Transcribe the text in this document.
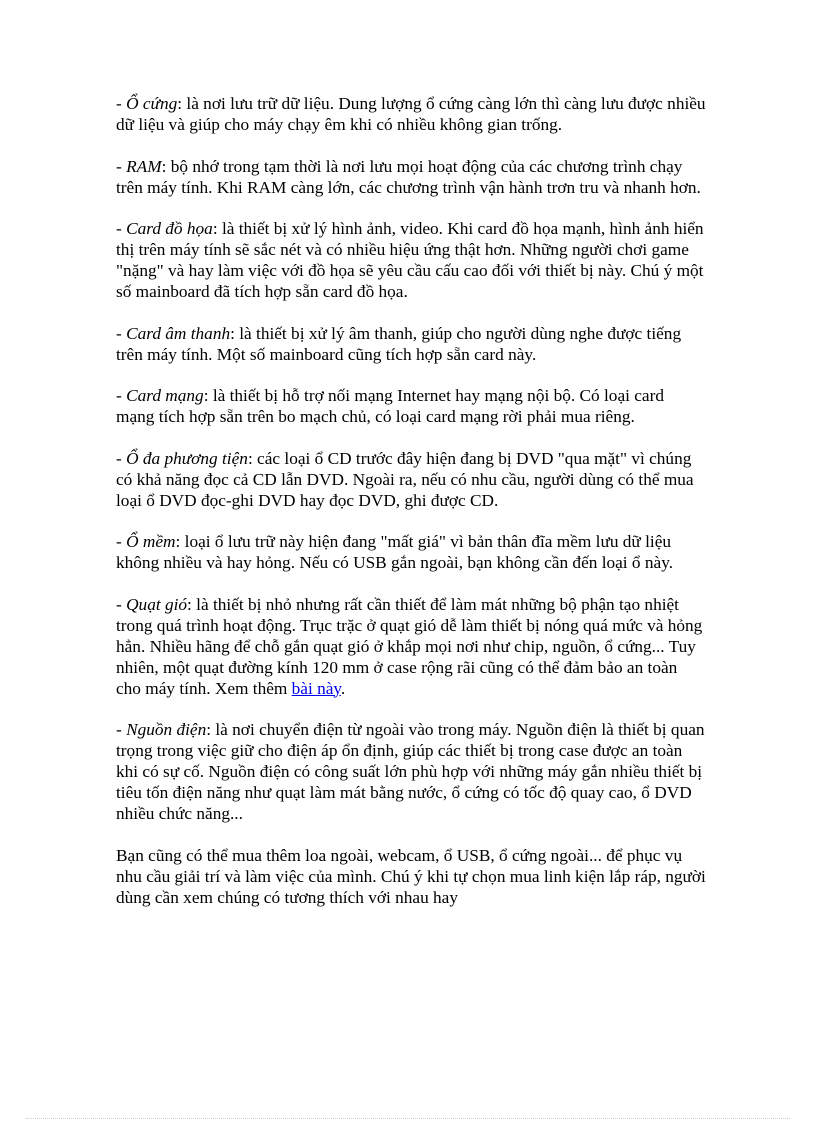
- Ổ cứng: là nơi lưu trữ dữ liệu. Dung lượng ổ cứng càng lớn thì càng lưu được nhiều dữ liệu và giúp cho máy chạy êm khi có nhiều không gian trống.

- RAM: bộ nhớ trong tạm thời là nơi lưu mọi hoạt động của các chương trình chạy trên máy tính. Khi RAM càng lớn, các chương trình vận hành trơn tru và nhanh hơn.

- Card đồ họa: là thiết bị xử lý hình ảnh, video. Khi card đồ họa mạnh, hình ảnh hiển thị trên máy tính sẽ sắc nét và có nhiều hiệu ứng thật hơn. Những người chơi game "nặng" và hay làm việc với đồ họa sẽ yêu cầu cấu cao đối với thiết bị này. Chú ý một số mainboard đã tích hợp sẵn card đồ họa.

- Card âm thanh: là thiết bị xử lý âm thanh, giúp cho người dùng nghe được tiếng trên máy tính. Một số mainboard cũng tích hợp sẵn card này.

- Card mạng: là thiết bị hỗ trợ nối mạng Internet hay mạng nội bộ. Có loại card mạng tích hợp sẵn trên bo mạch chủ, có loại card mạng rời phải mua riêng.

- Ổ đa phương tiện: các loại ổ CD trước đây hiện đang bị DVD "qua mặt" vì chúng có khả năng đọc cả CD lẫn DVD. Ngoài ra, nếu có nhu cầu, người dùng có thể mua loại ổ DVD đọc-ghi DVD hay đọc DVD, ghi được CD.

- Ổ mềm: loại ổ lưu trữ này hiện đang "mất giá" vì bản thân đĩa mềm lưu dữ liệu không nhiều và hay hỏng. Nếu có USB gắn ngoài, bạn không cần đến loại ổ này.

- Quạt gió: là thiết bị nhỏ nhưng rất cần thiết để làm mát những bộ phận tạo nhiệt trong quá trình hoạt động. Trục trặc ở quạt gió dễ làm thiết bị nóng quá mức và hỏng hẳn. Nhiều hãng để chỗ gắn quạt gió ở khắp mọi nơi như chip, nguồn, ổ cứng... Tuy nhiên, một quạt đường kính 120 mm ở case rộng rãi cũng có thể đảm bảo an toàn cho máy tính. Xem thêm bài này.

- Nguồn điện: là nơi chuyển điện từ ngoài vào trong máy. Nguồn điện là thiết bị quan trọng trong việc giữ cho điện áp ổn định, giúp các thiết bị trong case được an toàn khi có sự cố. Nguồn điện có công suất lớn phù hợp với những máy gắn nhiều thiết bị tiêu tốn điện năng như quạt làm mát bằng nước, ổ cứng có tốc độ quay cao, ổ DVD nhiều chức năng...

Bạn cũng có thể mua thêm loa ngoài, webcam, ổ USB, ổ cứng ngoài... để phục vụ nhu cầu giải trí và làm việc của mình. Chú ý khi tự chọn mua linh kiện lắp ráp, người dùng cần xem chúng có tương thích với nhau hay
